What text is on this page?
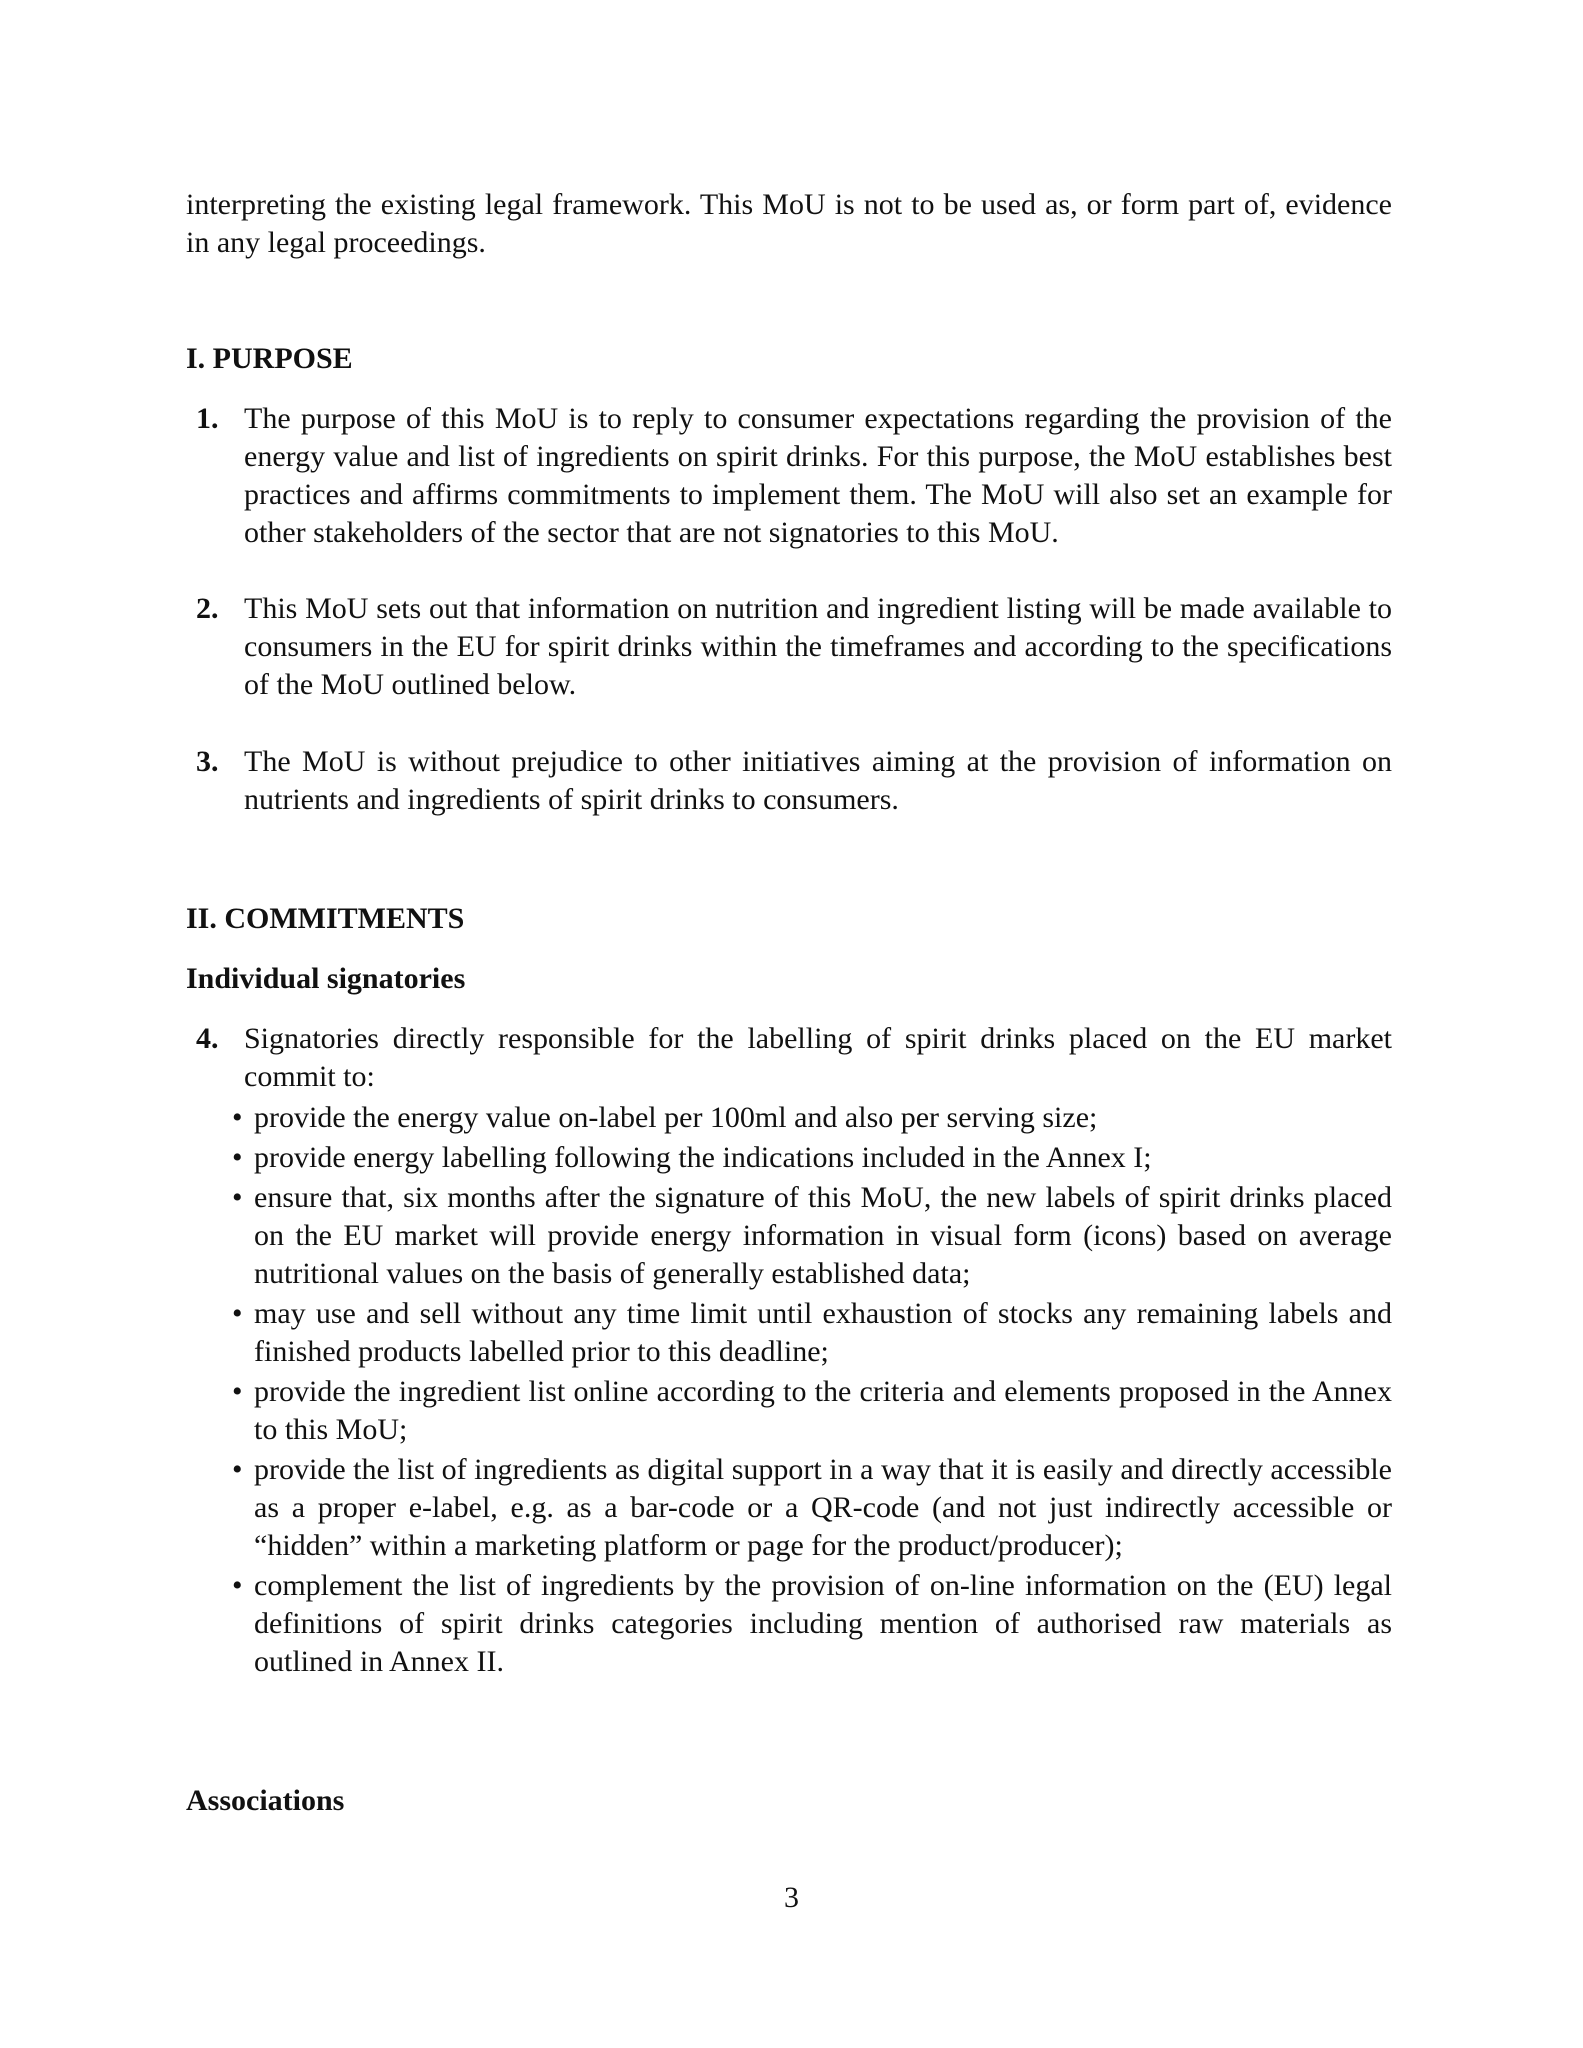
interpreting the existing legal framework. This MoU is not to be used as, or form part of, evidence in any legal proceedings.
I. PURPOSE
1. The purpose of this MoU is to reply to consumer expectations regarding the provision of the energy value and list of ingredients on spirit drinks. For this purpose, the MoU establishes best practices and affirms commitments to implement them. The MoU will also set an example for other stakeholders of the sector that are not signatories to this MoU.
2. This MoU sets out that information on nutrition and ingredient listing will be made available to consumers in the EU for spirit drinks within the timeframes and according to the specifications of the MoU outlined below.
3. The MoU is without prejudice to other initiatives aiming at the provision of information on nutrients and ingredients of spirit drinks to consumers.
II. COMMITMENTS
Individual signatories
4. Signatories directly responsible for the labelling of spirit drinks placed on the EU market commit to:
• provide the energy value on-label per 100ml and also per serving size;
• provide energy labelling following the indications included in the Annex I;
• ensure that, six months after the signature of this MoU, the new labels of spirit drinks placed on the EU market will provide energy information in visual form (icons) based on average nutritional values on the basis of generally established data;
• may use and sell without any time limit until exhaustion of stocks any remaining labels and finished products labelled prior to this deadline;
• provide the ingredient list online according to the criteria and elements proposed in the Annex to this MoU;
• provide the list of ingredients as digital support in a way that it is easily and directly accessible as a proper e-label, e.g. as a bar-code or a QR-code (and not just indirectly accessible or “hidden” within a marketing platform or page for the product/producer);
• complement the list of ingredients by the provision of on-line information on the (EU) legal definitions of spirit drinks categories including mention of authorised raw materials as outlined in Annex II.
Associations
3
